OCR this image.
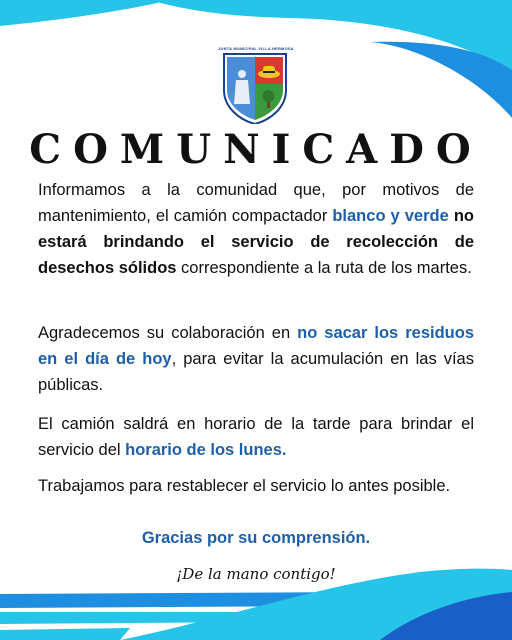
JUNTA MUNICIPAL VILLA HERMOSA
COMUNICADO

Informamos a la comunidad que, por motivos de mantenimiento, el camión compactador blanco y verde no estará brindando el servicio de recolección de desechos sólidos correspondiente a la ruta de los martes.

Agradecemos su colaboración en no sacar los residuos en el día de hoy, para evitar la acumulación en las vías públicas.

El camión saldrá en horario de la tarde para brindar el servicio del horario de los lunes.

Trabajamos para restablecer el servicio lo antes posible.

Gracias por su comprensión.
¡De la mano contigo!
